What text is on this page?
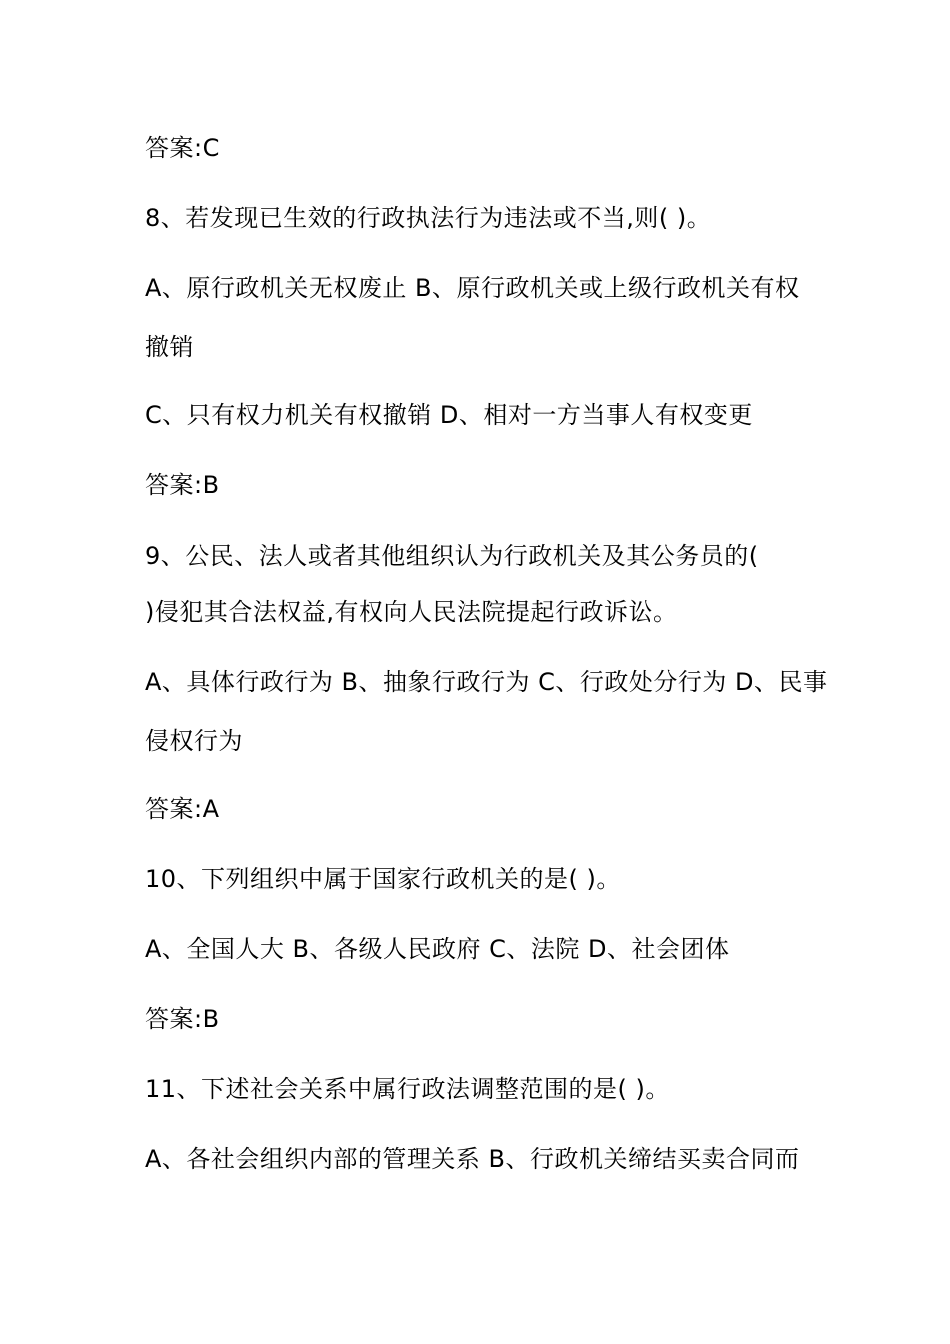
答案:C
8、若发现已生效的行政执法行为违法或不当,则( )。
A、原行政机关无权废止 B、原行政机关或上级行政机关有权
撤销
C、只有权力机关有权撤销 D、相对一方当事人有权变更
答案:B
9、公民、法人或者其他组织认为行政机关及其公务员的(
)侵犯其合法权益,有权向人民法院提起行政诉讼。
A、具体行政行为 B、抽象行政行为 C、行政处分行为 D、民事
侵权行为
答案:A
10、下列组织中属于国家行政机关的是( )。
A、全国人大 B、各级人民政府 C、法院 D、社会团体
答案:B
11、下述社会关系中属行政法调整范围的是( )。
A、各社会组织内部的管理关系 B、行政机关缔结买卖合同而
